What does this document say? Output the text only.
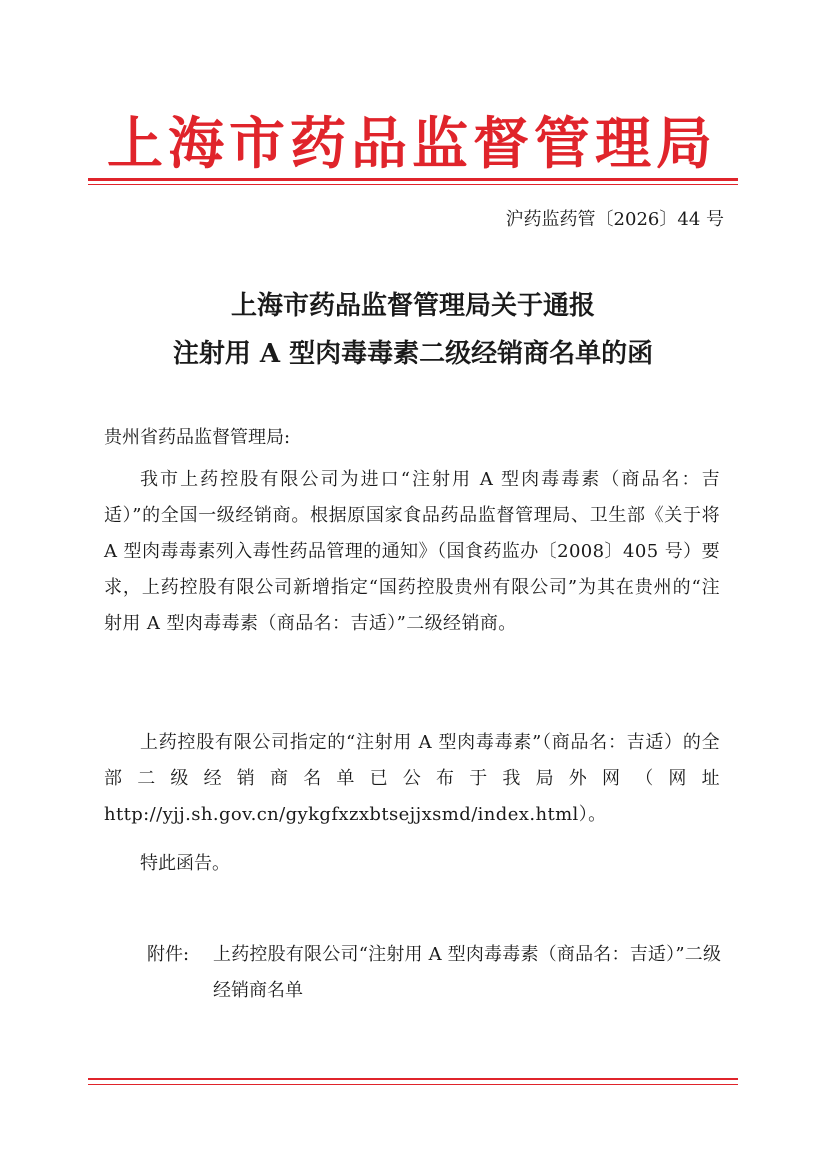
上海市药品监督管理局
沪药监药管〔2026〕44 号
上海市药品监督管理局关于通报
注射用 A 型肉毒毒素二级经销商名单的函
贵州省药品监督管理局:
我市上药控股有限公司为进口“注射用 A 型肉毒毒素（商品名：吉适）”的全国一级经销商。根据原国家食品药品监督管理局、卫生部《关于将 A 型肉毒毒素列入毒性药品管理的通知》（国食药监办〔2008〕405 号）要求，上药控股有限公司新增指定“国药控股贵州有限公司”为其在贵州的“注射用 A 型肉毒毒素（商品名：吉适）”二级经销商。
上药控股有限公司指定的“注射用 A 型肉毒毒素”（商品名：吉适）的全部二级经销商名单已公布于我局外网（网址 http://yjj.sh.gov.cn/gykgfxzxbtsejjxsmd/index.html）。
特此函告。
附件: 上药控股有限公司“注射用 A 型肉毒毒素（商品名：吉适）”二级经销商名单
